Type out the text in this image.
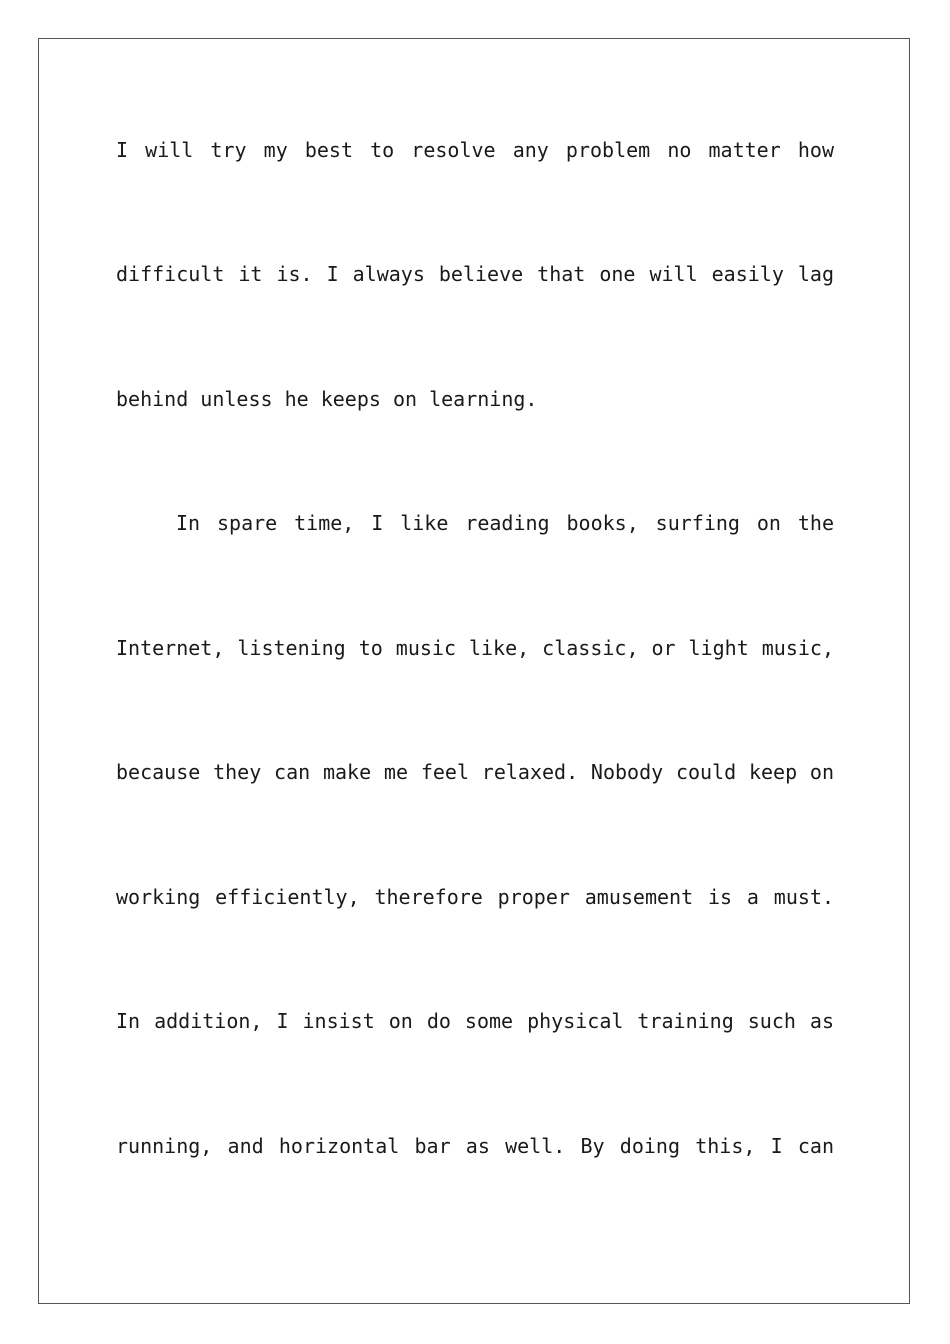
I will try my best to resolve any problem no matter how
difficult it is. I always believe that one will easily lag
behind unless he keeps on learning.
In spare time, I like reading books, surfing on the
Internet, listening to music like, classic, or light music,
because they can make me feel relaxed. Nobody could keep on
working efficiently, therefore proper amusement is a must.
In addition, I insist on do some physical training such as
running, and horizontal bar as well. By doing this, I can
